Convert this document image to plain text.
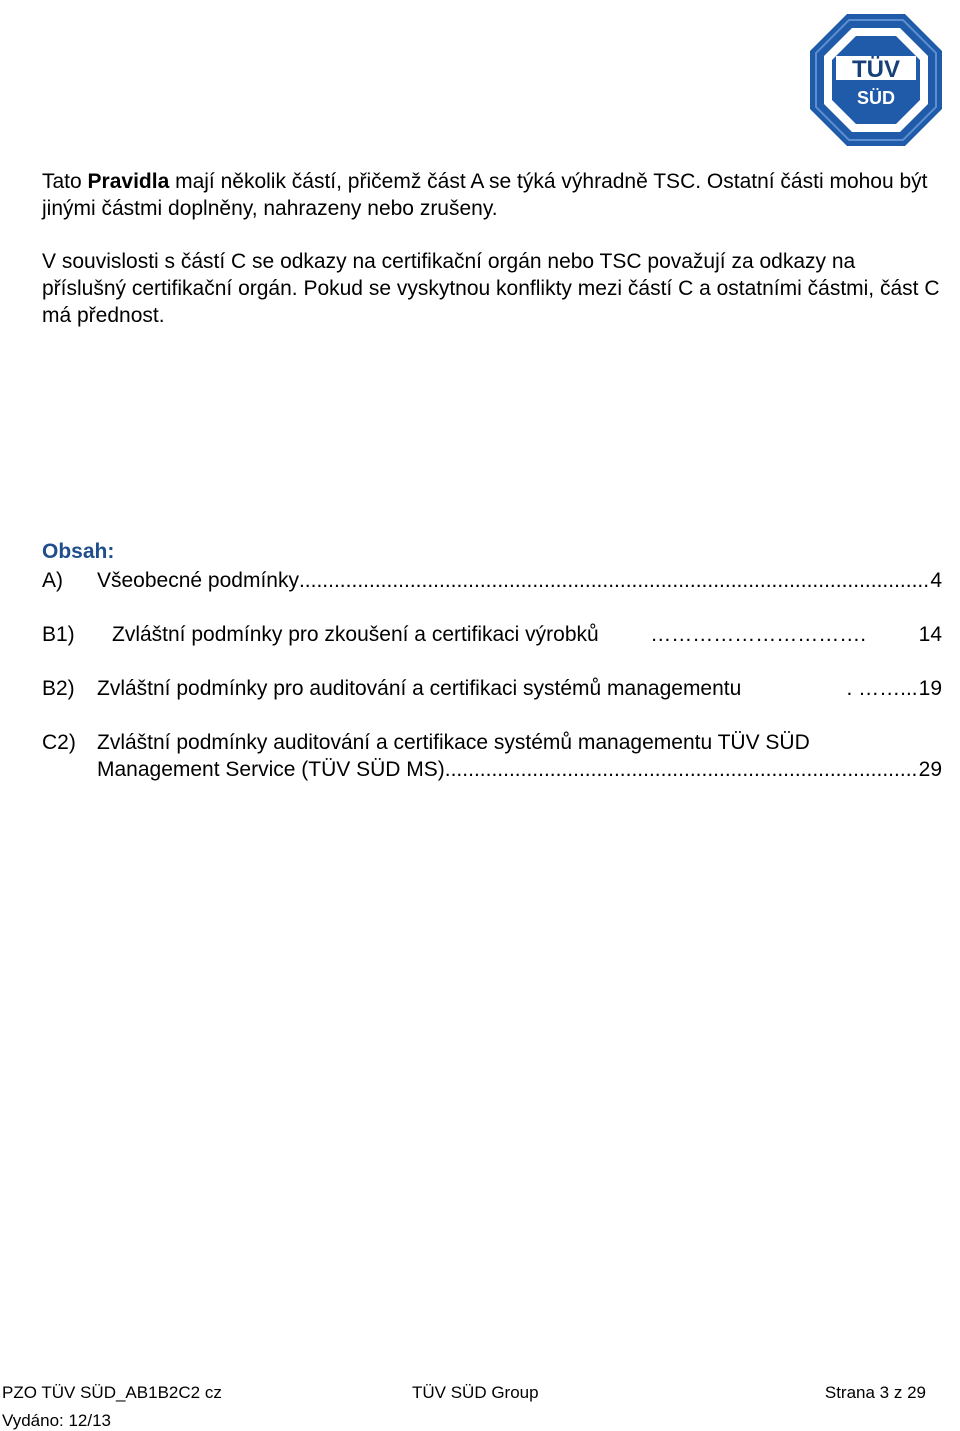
TÜV
SÜD

Tato Pravidla mají několik částí, přičemž část A se týká výhradně TSC. Ostatní části mohou být jinými částmi doplněny, nahrazeny nebo zrušeny.

V souvislosti s částí C se odkazy na certifikační orgán nebo TSC považují za odkazy na příslušný certifikační orgán. Pokud se vyskytnou konflikty mezi částí C a ostatními částmi, část C má přednost.

Obsah:

A) Všeobecné podmínky .....	4
B1) Zvláštní podmínky pro zkoušení a certifikaci výrobků	………………………….	14
B2) Zvláštní podmínky pro auditování a certifikaci systémů managementu	. ……... 19
C2) Zvláštní podmínky auditování a certifikace systémů managementu TÜV SÜD
Management Service (TÜV SÜD MS) .....	29
PZO TÜV SÜD_AB1B2C2 cz	TÜV SÜD Group	Strana 3 z 29
Vydáno: 12/13
